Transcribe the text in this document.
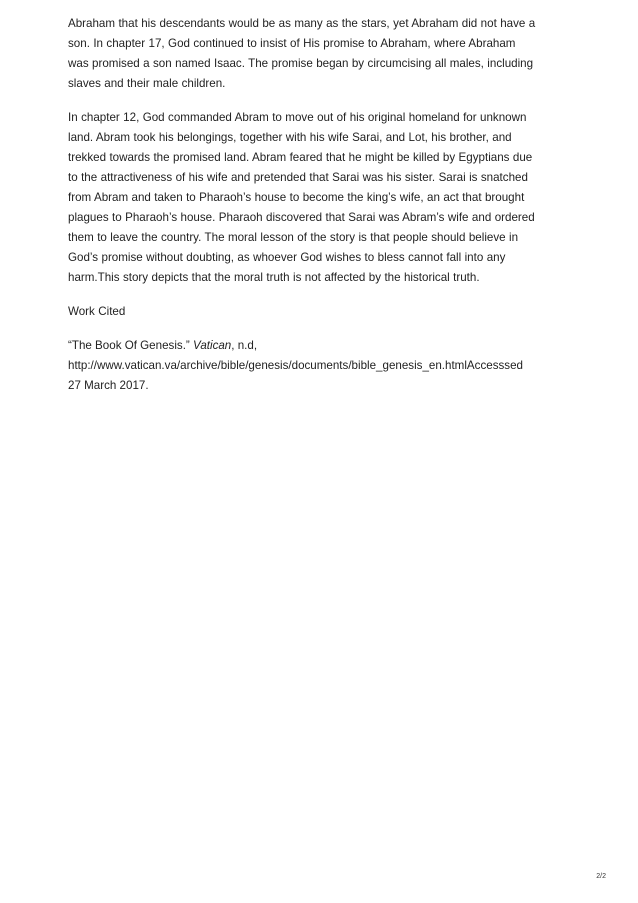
Abraham that his descendants would be as many as the stars, yet Abraham did not have a
son. In chapter 17, God continued to insist of His promise to Abraham, where Abraham
was promised a son named Isaac. The promise began by circumcising all males, including
slaves and their male children.

In chapter 12, God commanded Abram to move out of his original homeland for unknown
land. Abram took his belongings, together with his wife Sarai, and Lot, his brother, and
trekked towards the promised land. Abram feared that he might be killed by Egyptians due
to the attractiveness of his wife and pretended that Sarai was his sister. Sarai is snatched
from Abram and taken to Pharaoh’s house to become the king’s wife, an act that brought
plagues to Pharaoh’s house. Pharaoh discovered that Sarai was Abram’s wife and ordered
them to leave the country. The moral lesson of the story is that people should believe in
God’s promise without doubting, as whoever God wishes to bless cannot fall into any
harm.This story depicts that the moral truth is not affected by the historical truth.

Work Cited

“The Book Of Genesis.” Vatican, n.d,
http://www.vatican.va/archive/bible/genesis/documents/bible_genesis_en.htmlAccesssed
27 March 2017.

2/2
